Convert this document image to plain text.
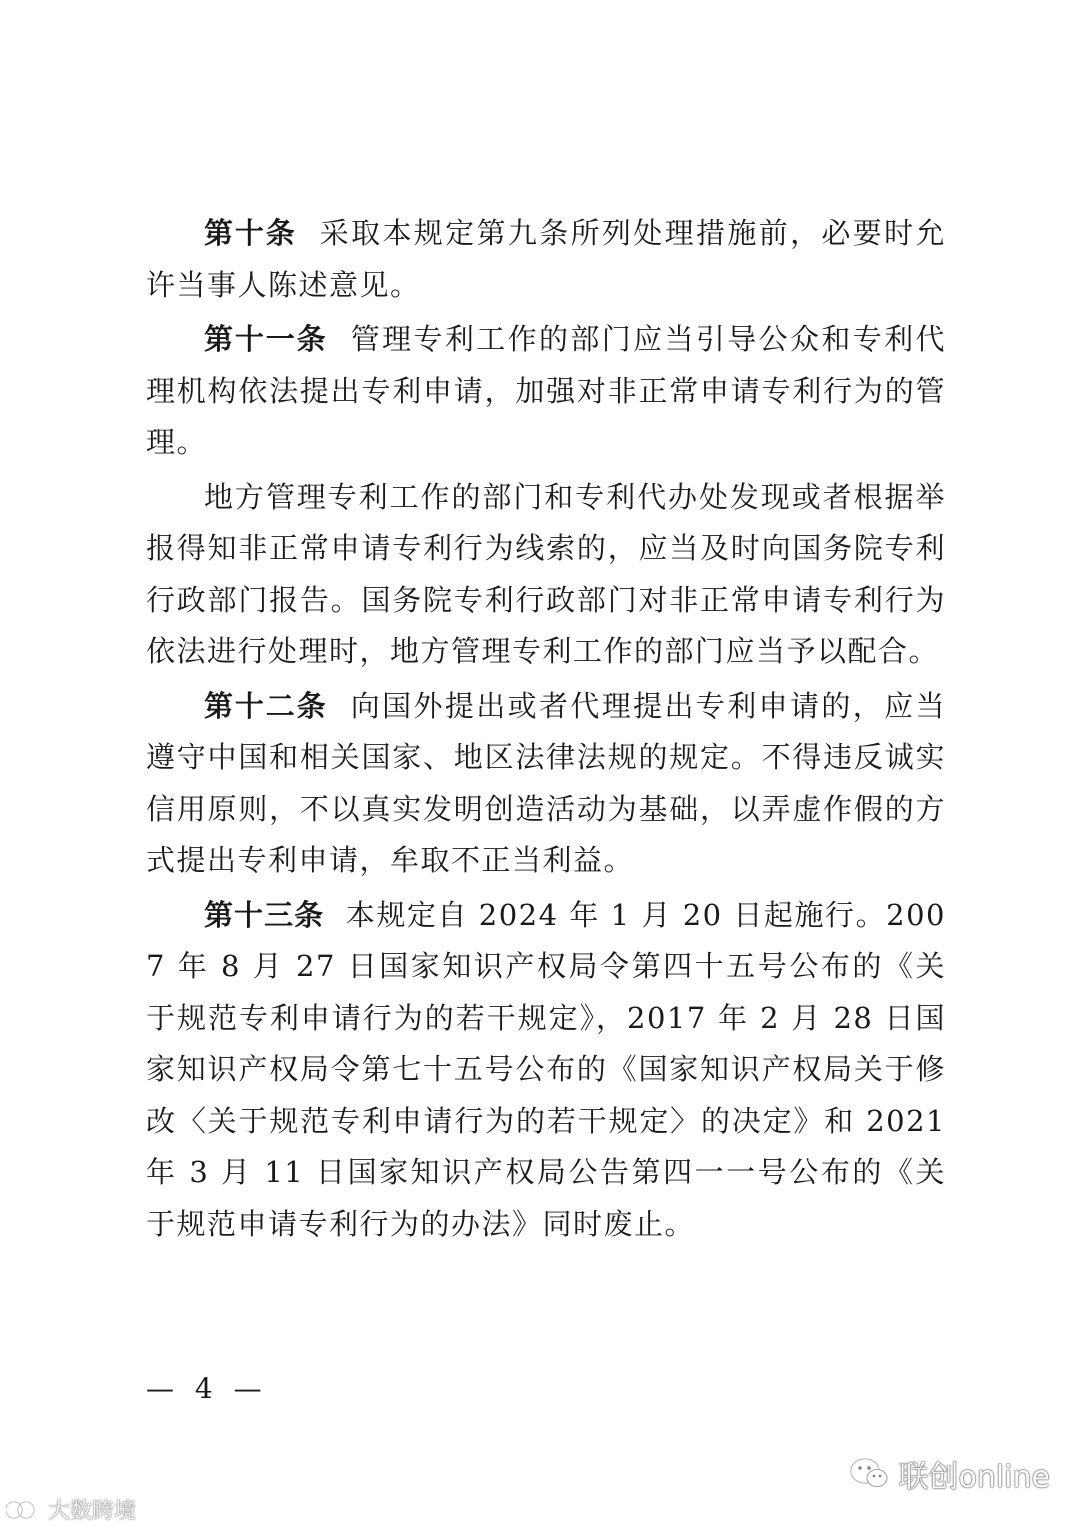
第十条 采取本规定第九条所列处理措施前，必要时允许当事人陈述意见。

第十一条 管理专利工作的部门应当引导公众和专利代理机构依法提出专利申请，加强对非正常申请专利行为的管理。

地方管理专利工作的部门和专利代办处发现或者根据举报得知非正常申请专利行为线索的，应当及时向国务院专利行政部门报告。国务院专利行政部门对非正常申请专利行为依法进行处理时，地方管理专利工作的部门应当予以配合。

第十二条 向国外提出或者代理提出专利申请的，应当遵守中国和相关国家、地区法律法规的规定。不得违反诚实信用原则，不以真实发明创造活动为基础，以弄虚作假的方式提出专利申请，牟取不正当利益。

第十三条 本规定自 2024 年 1 月 20 日起施行。2007 年 8 月 27 日国家知识产权局令第四十五号公布的《关于规范专利申请行为的若干规定》，2017 年 2 月 28 日国家知识产权局令第七十五号公布的《国家知识产权局关于修改〈关于规范专利申请行为的若干规定〉的决定》和 2021 年 3 月 11 日国家知识产权局公告第四一一号公布的《关于规范申请专利行为的办法》同时废止。

— 4 —
大数跨境
联创online
